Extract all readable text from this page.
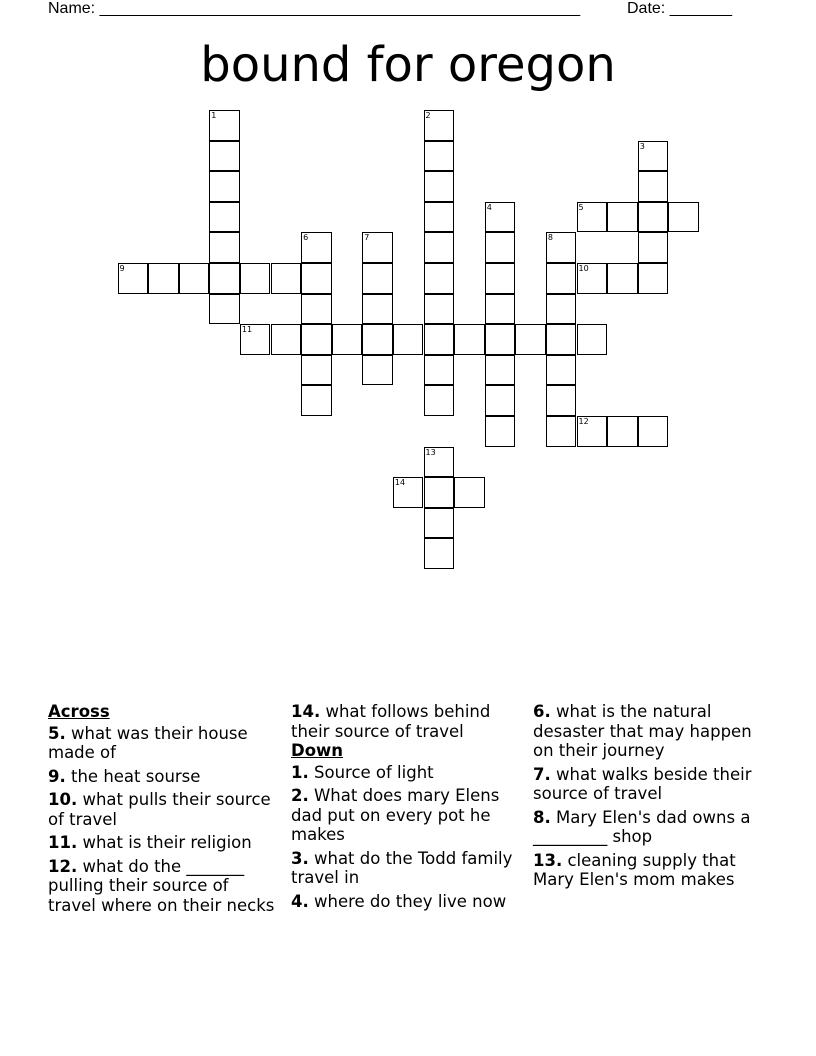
Name: ______________________________________________________	Date: _______
bound for oregon
1	2
3
4	5
6	7	8
9	10
11
12
13
14
Across
5. what was their house made of
9. the heat sourse
10. what pulls their source of travel
11. what is their religion
12. what do the _______ pulling their source of travel where on their necks
14. what follows behind their source of travel
Down
1. Source of light
2. What does mary Elens dad put on every pot he makes
3. what do the Todd family travel in
4. where do they live now
6. what is the natural desaster that may happen on their journey
7. what walks beside their source of travel
8. Mary Elen's dad owns a _________ shop
13. cleaning supply that Mary Elen's mom makes
